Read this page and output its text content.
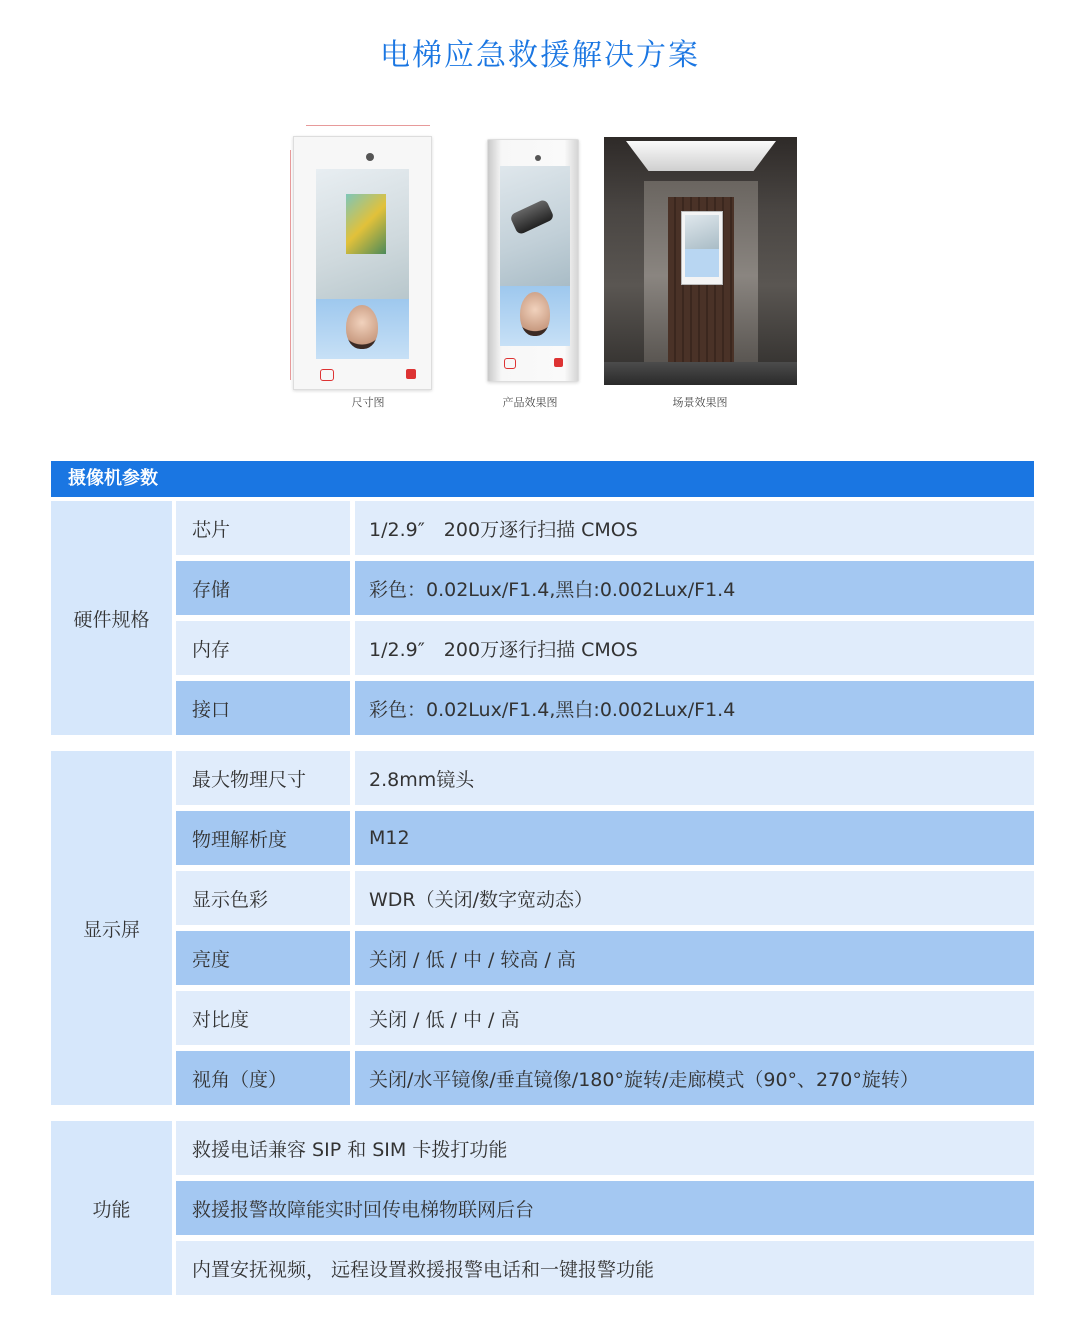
电梯应急救援解决方案
尺寸图	产品效果图	场景效果图
摄像机参数
硬件规格
芯片	1/2.9″　200万逐行扫描 CMOS
存储	彩色：0.02Lux/F1.4,黑白:0.002Lux/F1.4
内存	1/2.9″　200万逐行扫描 CMOS
接口	彩色：0.02Lux/F1.4,黑白:0.002Lux/F1.4
显示屏
最大物理尺寸	2.8mm镜头
物理解析度	M12
显示色彩	WDR（关闭/数字宽动态）
亮度	关闭 / 低 / 中 / 较高 / 高
对比度	关闭 / 低 / 中 / 高
视角（度）	关闭/水平镜像/垂直镜像/180°旋转/走廊模式（90°、270°旋转）
功能
救援电话兼容 SIP 和 SIM 卡拨打功能
救援报警故障能实时回传电梯物联网后台
内置安抚视频， 远程设置救援报警电话和一键报警功能
